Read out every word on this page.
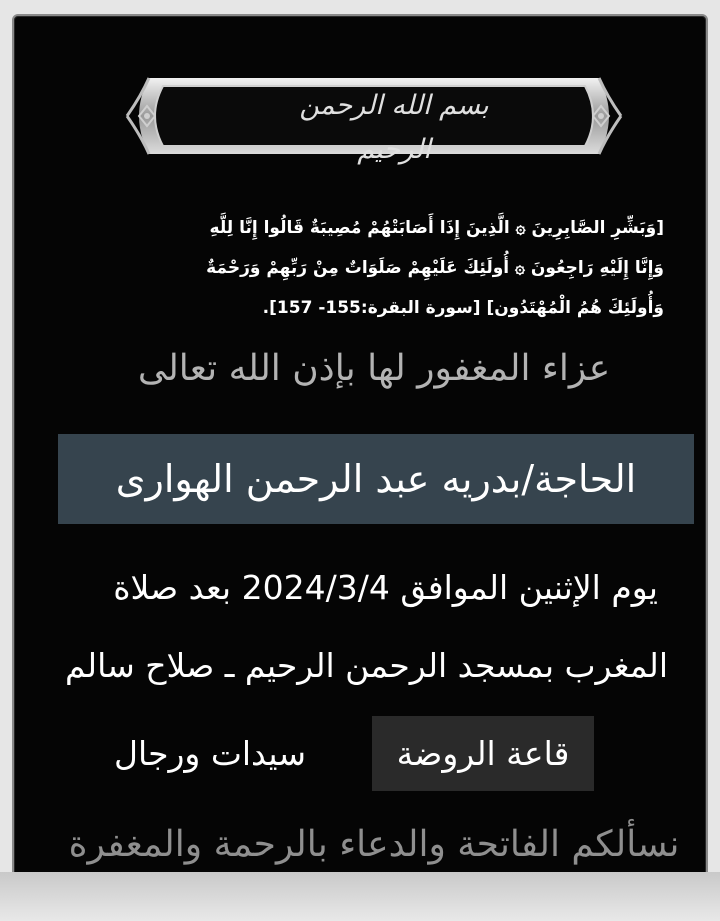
بسم الله الرحمن الرحيم
[وَبَشِّرِ الصَّابِرِينَ ۞ الَّذِينَ إِذَا أَصَابَتْهُمْ مُصِيبَةٌ قَالُوا إِنَّا لِلَّهِ
وَإِنَّا إِلَيْهِ رَاجِعُونَ ۞ أُولَئِكَ عَلَيْهِمْ صَلَوَاتٌ مِنْ رَبِّهِمْ وَرَحْمَةٌ
وَأُولَئِكَ هُمُ الْمُهْتَدُون] [سورة البقرة:155- 157].
عزاء المغفور لها بإذن الله تعالى
الحاجة/بدريه عبد الرحمن الهوارى
يوم الإثنين الموافق 2024/3/4 بعد صلاة
المغرب بمسجد الرحمن الرحيم ـ صلاح سالم
قاعة الروضة
سيدات ورجال
نسألكم الفاتحة والدعاء بالرحمة والمغفرة
